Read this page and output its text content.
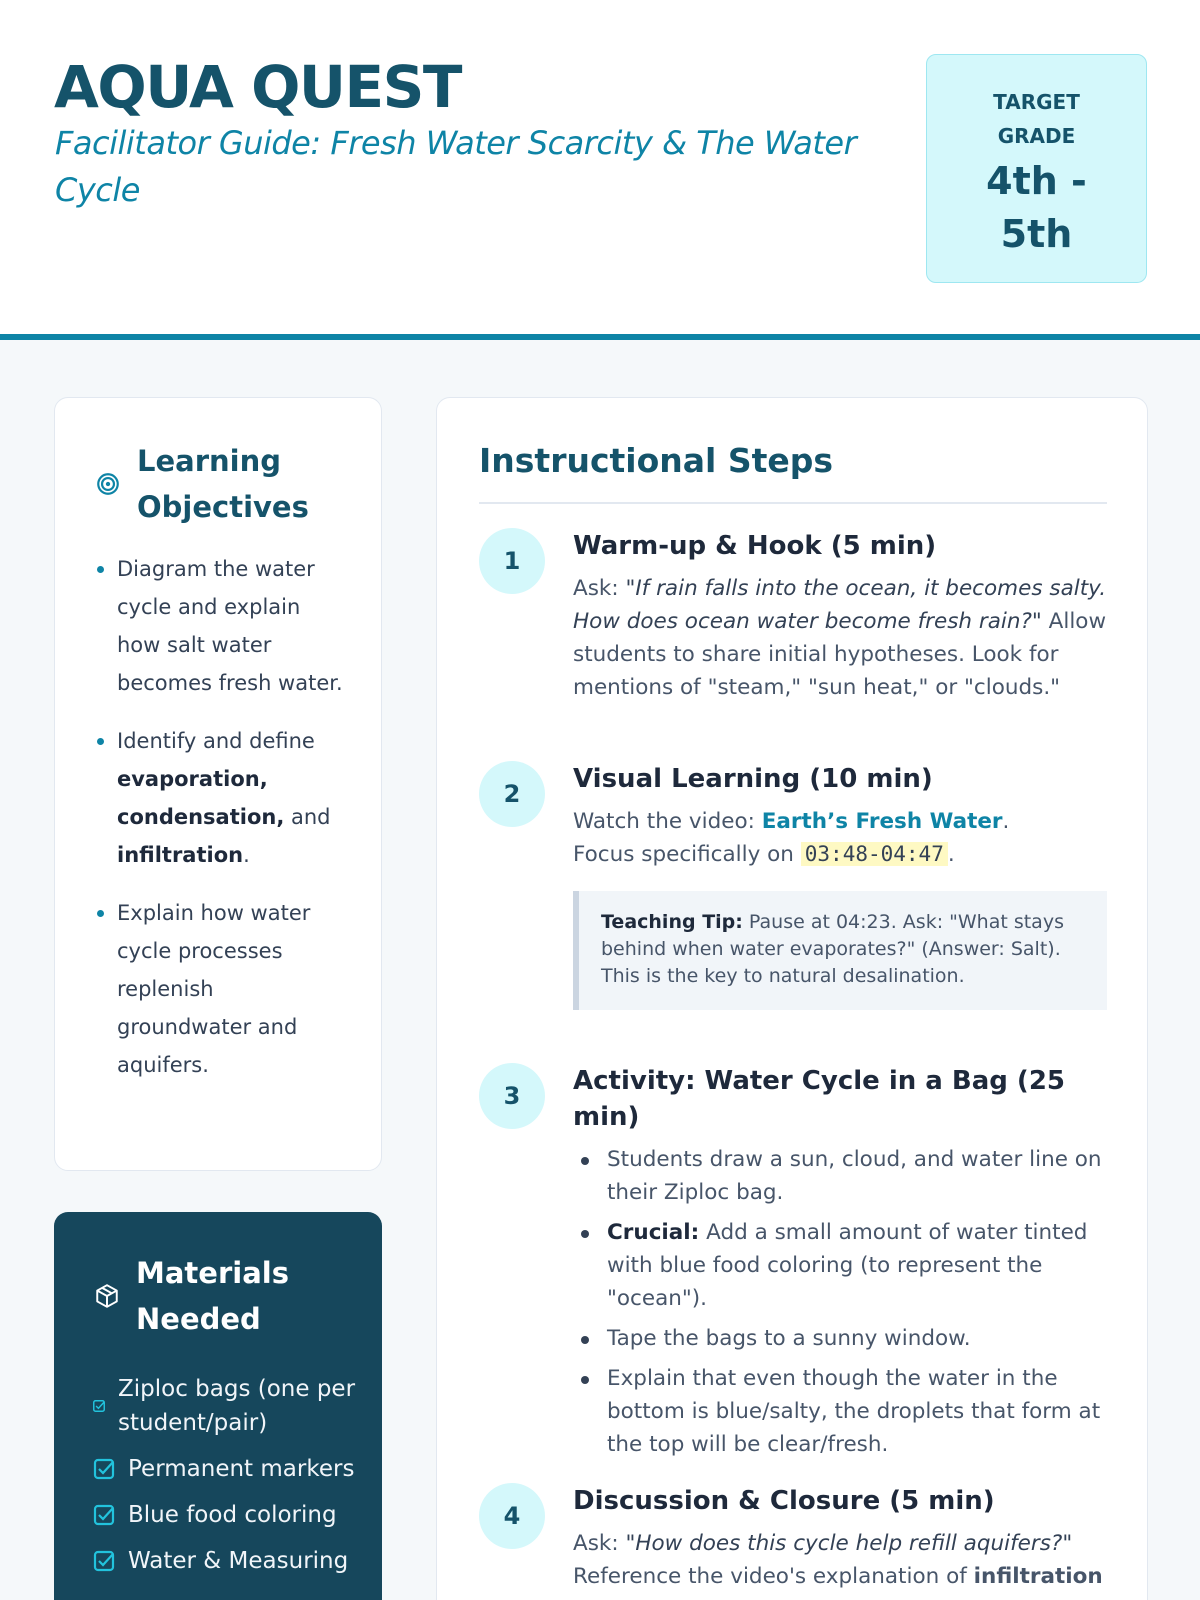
AQUA QUEST
Facilitator Guide: Fresh Water Scarcity & The Water Cycle
TARGET
GRADE
4th -
5th
Learning
Objectives
Diagram the water cycle and explain how salt water becomes fresh water.
Identify and define evaporation, condensation, and infiltration.
Explain how water cycle processes replenish groundwater and aquifers.
Materials
Needed
Ziploc bags (one per student/pair)
Permanent markers
Blue food coloring
Water & Measuring
Instructional Steps
1	Warm-up & Hook (5 min)
Ask: "If rain falls into the ocean, it becomes salty. How does ocean water become fresh rain?" Allow students to share initial hypotheses. Look for mentions of "steam," "sun heat," or "clouds."
2	Visual Learning (10 min)
Watch the video: Earth’s Fresh Water.
Focus specifically on 03:48-04:47 .
Teaching Tip: Pause at 04:23. Ask: "What stays behind when water evaporates?" (Answer: Salt). This is the key to natural desalination.
3	Activity: Water Cycle in a Bag (25 min)
Students draw a sun, cloud, and water line on their Ziploc bag.
Crucial: Add a small amount of water tinted with blue food coloring (to represent the "ocean").
Tape the bags to a sunny window.
Explain that even though the water in the bottom is blue/salty, the droplets that form at the top will be clear/fresh.
4	Discussion & Closure (5 min)
Ask: "How does this cycle help refill aquifers?" Reference the video's explanation of infiltration
